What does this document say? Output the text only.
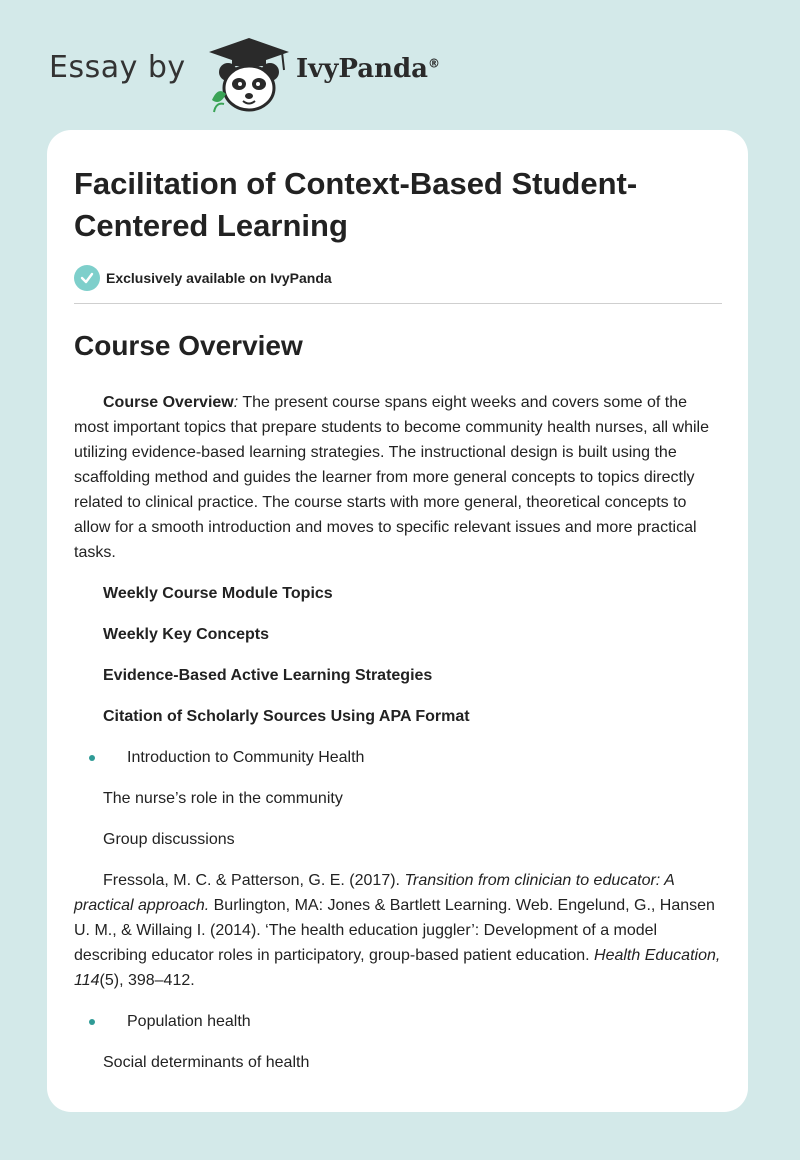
Essay by	IvyPanda®
Facilitation of Context-Based Student-Centered Learning
Exclusively available on IvyPanda
Course Overview

Course Overview: The present course spans eight weeks and covers some of the most important topics that prepare students to become community health nurses, all while utilizing evidence-based learning strategies. The instructional design is built using the scaffolding method and guides the learner from more general concepts to topics directly related to clinical practice. The course starts with more general, theoretical concepts to allow for a smooth introduction and moves to specific relevant issues and more practical tasks.

Weekly Course Module Topics

Weekly Key Concepts

Evidence-Based Active Learning Strategies

Citation of Scholarly Sources Using APA Format

Introduction to Community Health

The nurse’s role in the community

Group discussions

Fressola, M. C. & Patterson, G. E. (2017). Transition from clinician to educator: A practical approach. Burlington, MA: Jones & Bartlett Learning. Web. Engelund, G., Hansen U. M., & Willaing I. (2014). ‘The health education juggler’: Development of a model describing educator roles in participatory, group-based patient education. Health Education, 114(5), 398–412.

Population health

Social determinants of health
